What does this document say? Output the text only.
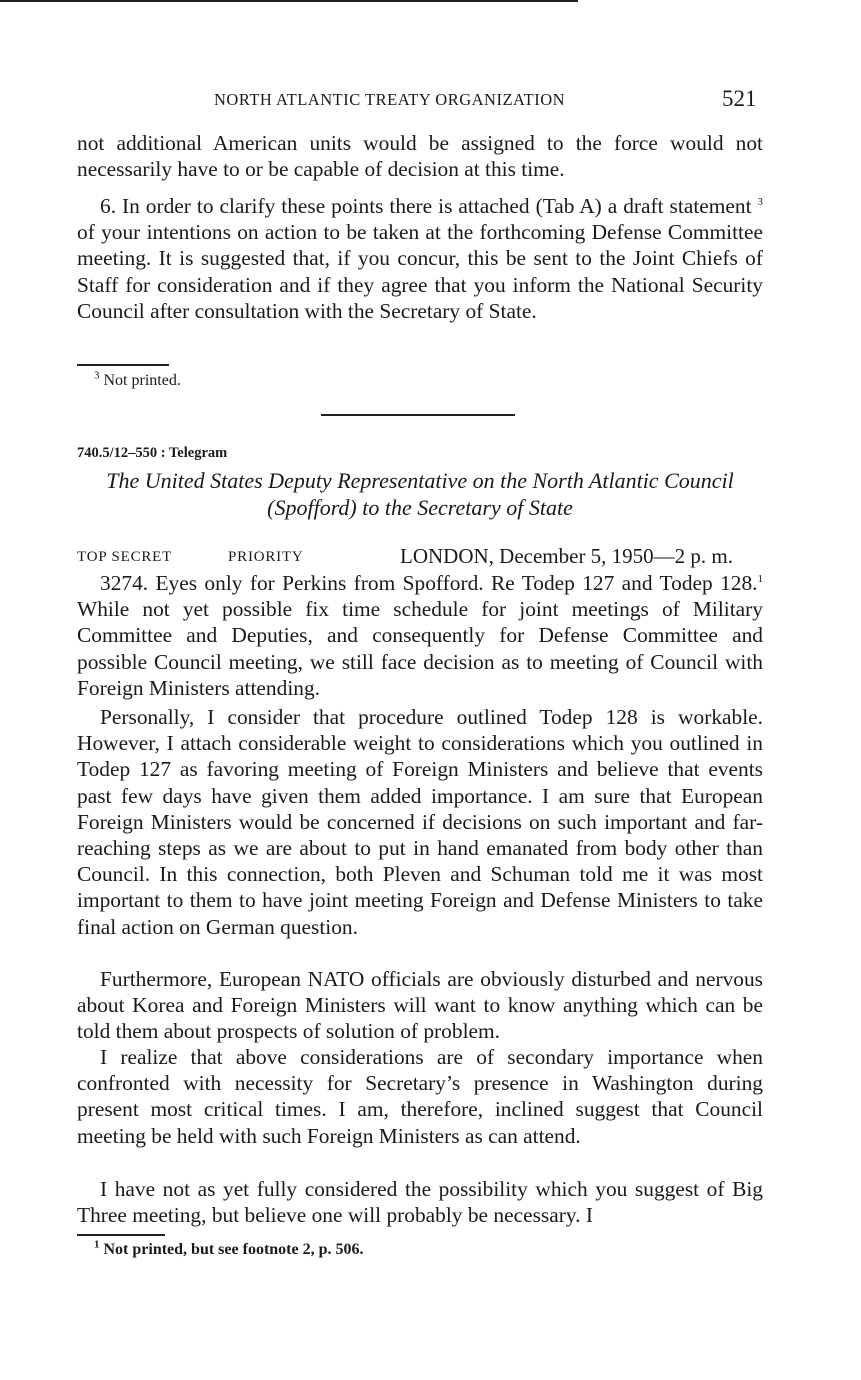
NORTH ATLANTIC TREATY ORGANIZATION	521

not additional American units would be assigned to the force would not necessarily have to or be capable of decision at this time.

6. In order to clarify these points there is attached (Tab A) a draft statement $^3$ of your intentions on action to be taken at the forthcoming Defense Committee meeting. It is suggested that, if you concur, this be sent to the Joint Chiefs of Staff for consideration and if they agree that you inform the National Security Council after consultation with the Secretary of State.

$^3$ Not printed.

740.5/12–550 : Telegram

The United States Deputy Representative on the North Atlantic Council (Spofford) to the Secretary of State

TOP SECRET	PRIORITY	LONDON, December 5, 1950—2 p. m.

3274. Eyes only for Perkins from Spofford. Re Todep 127 and Todep 128.$^1$ While not yet possible fix time schedule for joint meetings of Military Committee and Deputies, and consequently for Defense Committee and possible Council meeting, we still face decision as to meeting of Council with Foreign Ministers attending.

Personally, I consider that procedure outlined Todep 128 is workable. However, I attach considerable weight to considerations which you outlined in Todep 127 as favoring meeting of Foreign Ministers and believe that events past few days have given them added importance. I am sure that European Foreign Ministers would be concerned if decisions on such important and far-reaching steps as we are about to put in hand emanated from body other than Council. In this connection, both Pleven and Schuman told me it was most important to them to have joint meeting Foreign and Defense Ministers to take final action on German question.

Furthermore, European NATO officials are obviously disturbed and nervous about Korea and Foreign Ministers will want to know anything which can be told them about prospects of solution of problem.

I realize that above considerations are of secondary importance when confronted with necessity for Secretary’s presence in Washington during present most critical times. I am, therefore, inclined suggest that Council meeting be held with such Foreign Ministers as can attend.

I have not as yet fully considered the possibility which you suggest of Big Three meeting, but believe one will probably be necessary. I

$^1$ Not printed, but see footnote 2, p. 506.
